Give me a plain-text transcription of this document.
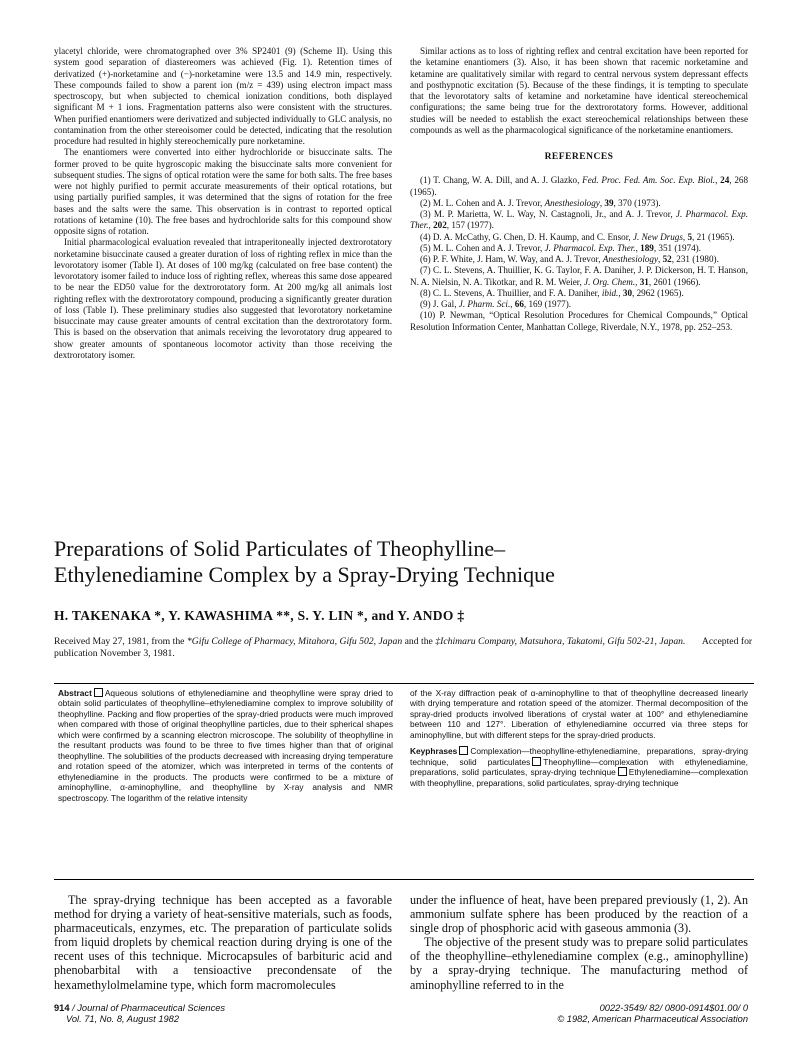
ylacetyl chloride, were chromatographed over 3% SP2401 (9) (Scheme II). Using this system good separation of diastereomers was achieved (Fig. 1). Retention times of derivatized (+)-norketamine and (−)-norketamine were 13.5 and 14.9 min, respectively. These compounds failed to show a parent ion (m/z = 439) using electron impact mass spectroscopy, but when subjected to chemical ionization conditions, both displayed significant M + 1 ions. Fragmentation patterns also were consistent with the structures. When purified enantiomers were derivatized and subjected individually to GLC analysis, no contamination from the other stereoisomer could be detected, indicating that the resolution procedure had resulted in highly stereochemically pure norketamine.

The enantiomers were converted into either hydrochloride or bisuccinate salts. The former proved to be quite hygroscopic making the bisuccinate salts more convenient for subsequent studies. The signs of optical rotation were the same for both salts. The free bases were not highly purified to permit accurate measurements of their optical rotations, but using partially purified samples, it was determined that the signs of rotation for the free bases and the salts were the same. This observation is in contrast to reported optical rotations of ketamine (10). The free bases and hydrochloride salts for this compound show opposite signs of rotation.

Initial pharmacological evaluation revealed that intraperitoneally injected dextrorotatory norketamine bisuccinate caused a greater duration of loss of righting reflex in mice than the levorotatory isomer (Table I). At doses of 100 mg/kg (calculated on free base content) the levorotatory isomer failed to induce loss of righting reflex, whereas this same dose appeared to be near the ED50 value for the dextrorotatory form. At 200 mg/kg all animals lost righting reflex with the dextrorotatory compound, producing a significantly greater duration of loss (Table I). These preliminary studies also suggested that levorotatory norketamine bisuccinate may cause greater amounts of central excitation than the dextrorotatory form. This is based on the observation that animals receiving the levorotatory drug appeared to show greater amounts of spontaneous locomotor activity than those receiving the dextrorotatory isomer.

Similar actions as to loss of righting reflex and central excitation have been reported for the ketamine enantiomers (3). Also, it has been shown that racemic norketamine and ketamine are qualitatively similar with regard to central nervous system depressant effects and posthypnotic excitation (5). Because of the these findings, it is tempting to speculate that the levorotatory salts of ketamine and norketamine have identical stereochemical configurations; the same being true for the dextrorotatory forms. However, additional studies will be needed to establish the exact stereochemical relationships between these compounds as well as the pharmacological significance of the norketamine enantiomers.

REFERENCES

(1) T. Chang, W. A. Dill, and A. J. Glazko, Fed. Proc. Fed. Am. Soc. Exp. Biol., 24, 268 (1965).

(2) M. L. Cohen and A. J. Trevor, Anesthesiology, 39, 370 (1973).

(3) M. P. Marietta, W. L. Way, N. Castagnoli, Jr., and A. J. Trevor, J. Pharmacol. Exp. Ther., 202, 157 (1977).

(4) D. A. McCathy, G. Chen, D. H. Kaump, and C. Ensor, J. New Drugs, 5, 21 (1965).

(5) M. L. Cohen and A. J. Trevor, J. Pharmacol. Exp. Ther., 189, 351 (1974).

(6) P. F. White, J. Ham, W. Way, and A. J. Trevor, Anesthesiology, 52, 231 (1980).

(7) C. L. Stevens, A. Thuillier, K. G. Taylor, F. A. Daniher, J. P. Dickerson, H. T. Hanson, N. A. Nielsin, N. A. Tikotkar, and R. M. Weier, J. Org. Chem., 31, 2601 (1966).

(8) C. L. Stevens, A. Thuillier, and F. A. Daniher, ibid., 30, 2962 (1965).

(9) J. Gal, J. Pharm. Sci., 66, 169 (1977).

(10) P. Newman, “Optical Resolution Procedures for Chemical Compounds,” Optical Resolution Information Center, Manhattan College, Riverdale, N.Y., 1978, pp. 252–253.

Preparations of Solid Particulates of Theophylline–
Ethylenediamine Complex by a Spray-Drying Technique
H. TAKENAKA *, Y. KAWASHIMA **, S. Y. LIN *, and Y. ANDO ‡
Received May 27, 1981, from the *Gifu College of Pharmacy, Mitahora, Gifu 502, Japan and the ‡Ichimaru Company, Matsuhora, Takatomi, Gifu 502-21, Japan. Accepted for publication November 3, 1981.
Abstract Aqueous solutions of ethylenediamine and theophylline were spray dried to obtain solid particulates of theophylline–ethylenediamine complex to improve solubility of theophylline. Packing and flow properties of the spray-dried products were much improved when compared with those of original theophylline particles, due to their spherical shapes which were confirmed by a scanning electron microscope. The solubility of theophylline in the resultant products was found to be three to five times higher than that of original theophylline. The solubilities of the products decreased with increasing drying temperature and rotation speed of the atomizer, which was interpreted in terms of the contents of ethylenediamine in the products. The products were confirmed to be a mixture of aminophylline, α-aminophylline, and theophylline by X-ray analysis and NMR spectroscopy. The logarithm of the relative intensity
of the X-ray diffraction peak of α-aminophylline to that of theophylline decreased linearly with drying temperature and rotation speed of the atomizer. Thermal decomposition of the spray-dried products involved liberations of crystal water at 100° and ethylenediamine between 110 and 127°. Liberation of ethylenediamine occurred via three steps for aminophylline, but with different steps for the spray-dried products.
Keyphrases Complexation—theophylline-ethylenediamine, preparations, spray-drying technique, solid particulates Theophylline—complexation with ethylenediamine, preparations, solid particulates, spray-drying technique Ethylenediamine—complexation with theophylline, preparations, solid particulates, spray-drying technique

The spray-drying technique has been accepted as a favorable method for drying a variety of heat-sensitive materials, such as foods, pharmaceuticals, enzymes, etc. The preparation of particulate solids from liquid droplets by chemical reaction during drying is one of the recent uses of this technique. Microcapsules of barbituric acid and phenobarbital with a tensioactive precondensate of the hexamethylolmelamine type, which form macromolecules

under the influence of heat, have been prepared previously (1, 2). An ammonium sulfate sphere has been produced by the reaction of a single drop of phosphoric acid with gaseous ammonia (3).

The objective of the present study was to prepare solid particulates of the theophylline–ethylenediamine complex (e.g., aminophylline) by a spray-drying technique. The manufacturing method of aminophylline referred to in the

914 / Journal of Pharmaceutical Sciences
Vol. 71, No. 8, August 1982
0022-3549/ 82/ 0800-0914$01.00/ 0
© 1982, American Pharmaceutical Association
